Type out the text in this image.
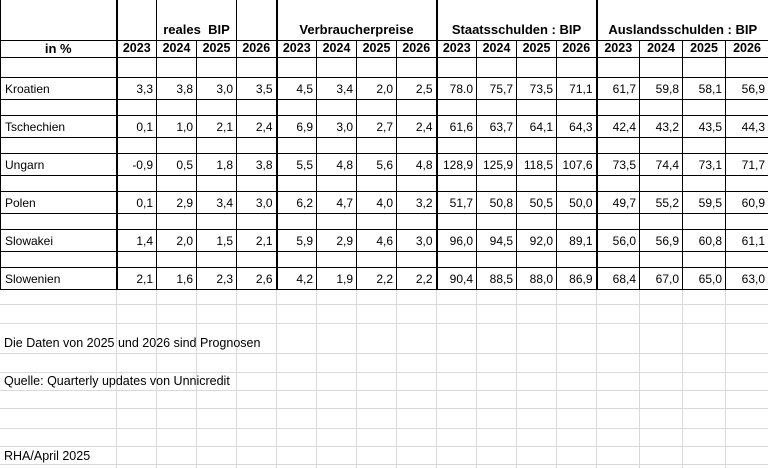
		reales  BIP			Verbraucherpreise				Staatsschulden : BIP				Auslandsschulden : BIP			
in %	2023	2024	2025	2026	2023	2024	2025	2026	2023	2024	2025	2026	2023	2024	2025	2026

Kroatien	3,3	3,8	3,0	3,5	4,5	3,4	2,0	2,5	78.0	75,7	73,5	71,1	61,7	59,8	58,1	56,9

Tschechien	0,1	1,0	2,1	2,4	6,9	3,0	2,7	2,4	61,6	63,7	64,1	64,3	42,4	43,2	43,5	44,3

Ungarn	-0,9	0,5	1,8	3,8	5,5	4,8	5,6	4,8	128,9	125,9	118,5	107,6	73,5	74,4	73,1	71,7

Polen	0,1	2,9	3,4	3,0	6,2	4,7	4,0	3,2	51,7	50,8	50,5	50,0	49,7	55,2	59,5	60,9

Slowakei	1,4	2,0	1,5	2,1	5,9	2,9	4,6	3,0	96,0	94,5	92,0	89,1	56,0	56,9	60,8	61,1

Slowenien	2,1	1,6	2,3	2,6	4,2	1,9	2,2	2,2	90,4	88,5	88,0	86,9	68,4	67,0	65,0	63,0
Die Daten von 2025 und 2026 sind Prognosen
Quelle: Quarterly updates von Unnicredit
RHA/April 2025
